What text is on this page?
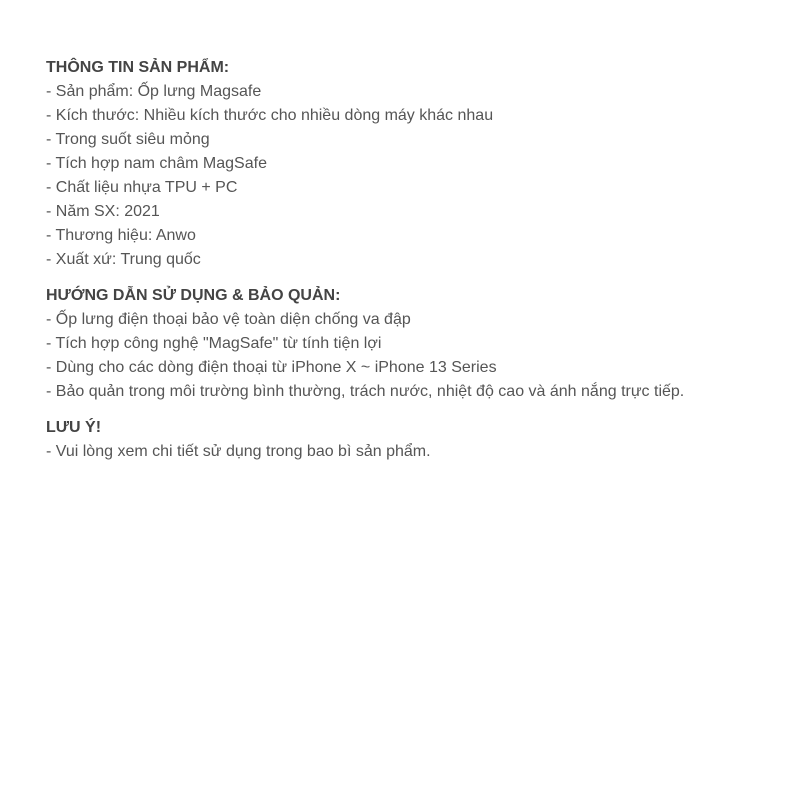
THÔNG TIN SẢN PHẨM:

- Sản phẩm: Ốp lưng Magsafe

- Kích thước: Nhiều kích thước cho nhiều dòng máy khác nhau

- Trong suốt siêu mỏng

- Tích hợp nam châm MagSafe

- Chất liệu nhựa TPU + PC

- Năm SX: 2021

- Thương hiệu: Anwo

- Xuất xứ: Trung quốc

HƯỚNG DẪN SỬ DỤNG & BẢO QUẢN:

- Ốp lưng điện thoại bảo vệ toàn diện chống va đập

- Tích hợp công nghệ "MagSafe" từ tính tiện lợi

- Dùng cho các dòng điện thoại từ iPhone X ~ iPhone 13 Series

- Bảo quản trong môi trường bình thường, trách nước, nhiệt độ cao và ánh nắng trực tiếp.

LƯU Ý!

- Vui lòng xem chi tiết sử dụng trong bao bì sản phẩm.
